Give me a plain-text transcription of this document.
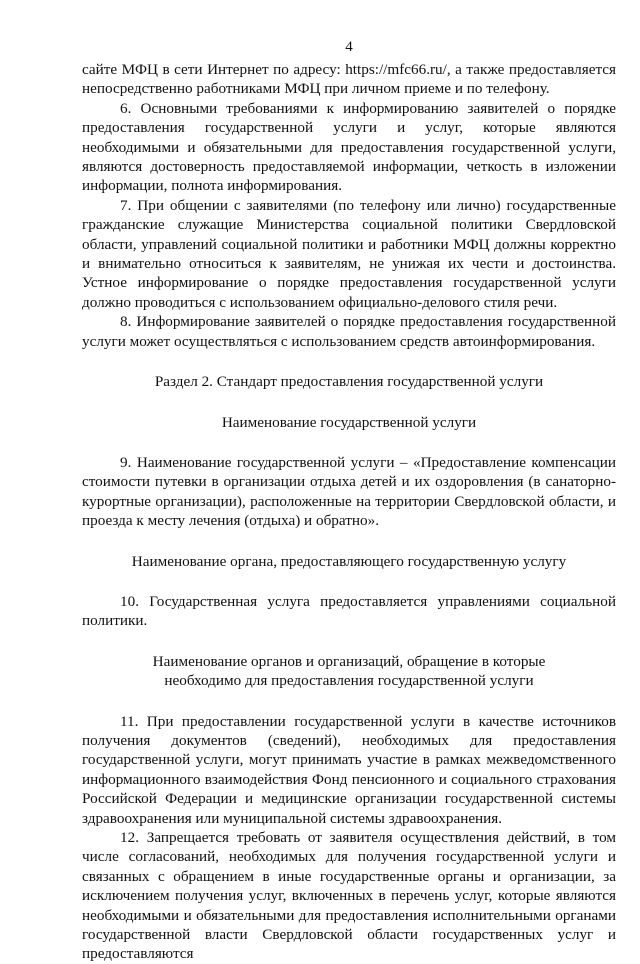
4

сайте МФЦ в сети Интернет по адресу: https://mfc66.ru/, а также предоставляется непосредственно работниками МФЦ при личном приеме и по телефону.

6. Основными требованиями к информированию заявителей о порядке предоставления государственной услуги и услуг, которые являются необходимыми и обязательными для предоставления государственной услуги, являются достоверность предоставляемой информации, четкость в изложении информации, полнота информирования.

7. При общении с заявителями (по телефону или лично) государственные гражданские служащие Министерства социальной политики Свердловской области, управлений социальной политики и работники МФЦ должны корректно и внимательно относиться к заявителям, не унижая их чести и достоинства. Устное информирование о порядке предоставления государственной услуги должно проводиться с использованием официально-делового стиля речи.

8. Информирование заявителей о порядке предоставления государственной услуги может осуществляться с использованием средств автоинформирования.

Раздел 2. Стандарт предоставления государственной услуги

Наименование государственной услуги

9. Наименование государственной услуги – «Предоставление компенсации стоимости путевки в организации отдыха детей и их оздоровления (в санаторно-курортные организации), расположенные на территории Свердловской области, и проезда к месту лечения (отдыха) и обратно».

Наименование органа, предоставляющего государственную услугу

10. Государственная услуга предоставляется управлениями социальной политики.

Наименование органов и организаций, обращение в которые необходимо для предоставления государственной услуги

11. При предоставлении государственной услуги в качестве источников получения документов (сведений), необходимых для предоставления государственной услуги, могут принимать участие в рамках межведомственного информационного взаимодействия Фонд пенсионного и социального страхования Российской Федерации и медицинские организации государственной системы здравоохранения или муниципальной системы здравоохранения.

12. Запрещается требовать от заявителя осуществления действий, в том числе согласований, необходимых для получения государственной услуги и связанных с обращением в иные государственные органы и организации, за исключением получения услуг, включенных в перечень услуг, которые являются необходимыми и обязательными для предоставления исполнительными органами государственной власти Свердловской области государственных услуг и предоставляются
